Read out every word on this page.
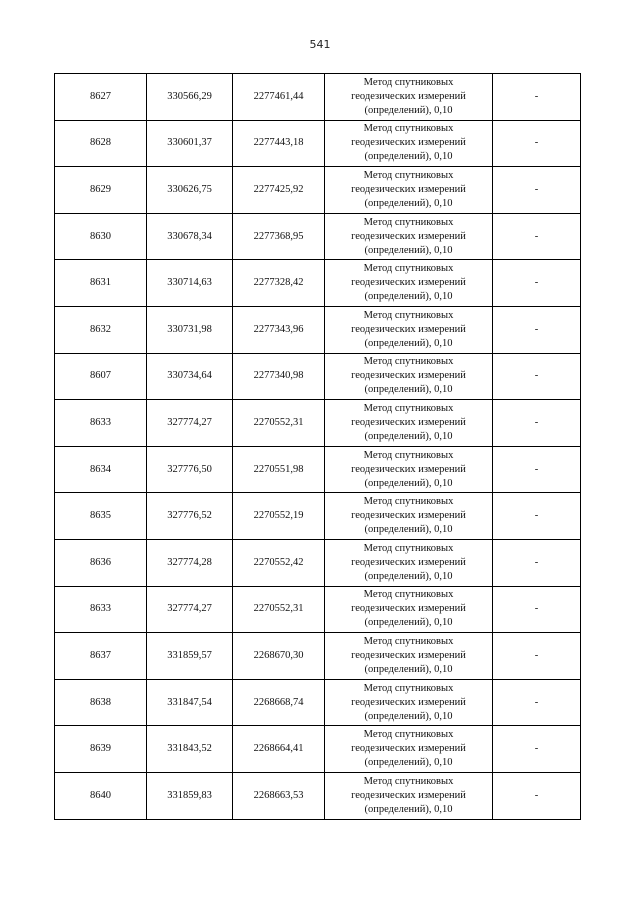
541
8627	330566,29	2277461,44	Метод спутниковых
геодезических измерений
(определений), 0,10	-
8628	330601,37	2277443,18	Метод спутниковых
геодезических измерений
(определений), 0,10	-
8629	330626,75	2277425,92	Метод спутниковых
геодезических измерений
(определений), 0,10	-
8630	330678,34	2277368,95	Метод спутниковых
геодезических измерений
(определений), 0,10	-
8631	330714,63	2277328,42	Метод спутниковых
геодезических измерений
(определений), 0,10	-
8632	330731,98	2277343,96	Метод спутниковых
геодезических измерений
(определений), 0,10	-
8607	330734,64	2277340,98	Метод спутниковых
геодезических измерений
(определений), 0,10	-
8633	327774,27	2270552,31	Метод спутниковых
геодезических измерений
(определений), 0,10	-
8634	327776,50	2270551,98	Метод спутниковых
геодезических измерений
(определений), 0,10	-
8635	327776,52	2270552,19	Метод спутниковых
геодезических измерений
(определений), 0,10	-
8636	327774,28	2270552,42	Метод спутниковых
геодезических измерений
(определений), 0,10	-
8633	327774,27	2270552,31	Метод спутниковых
геодезических измерений
(определений), 0,10	-
8637	331859,57	2268670,30	Метод спутниковых
геодезических измерений
(определений), 0,10	-
8638	331847,54	2268668,74	Метод спутниковых
геодезических измерений
(определений), 0,10	-
8639	331843,52	2268664,41	Метод спутниковых
геодезических измерений
(определений), 0,10	-
8640	331859,83	2268663,53	Метод спутниковых
геодезических измерений
(определений), 0,10	-
